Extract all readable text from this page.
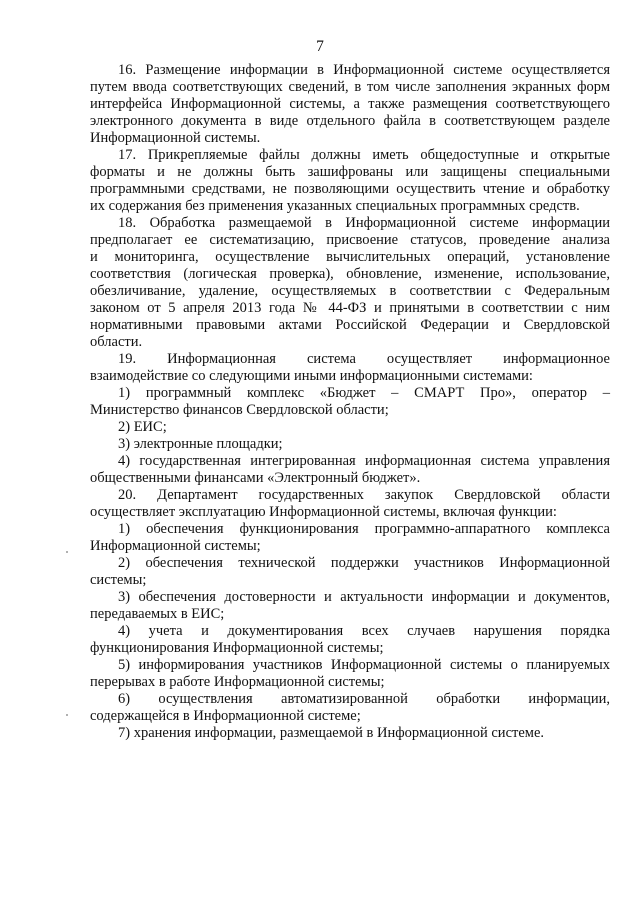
7
16. Размещение информации в Информационной системе осуществляется
путем ввода соответствующих сведений, в том числе заполнения экранных форм
интерфейса Информационной системы, а также размещения соответствующего
электронного документа в виде отдельного файла в соответствующем разделе
Информационной системы.
17. Прикрепляемые файлы должны иметь общедоступные и открытые
форматы и не должны быть зашифрованы или защищены специальными
программными средствами, не позволяющими осуществить чтение и обработку
их содержания без применения указанных специальных программных средств.
18. Обработка размещаемой в Информационной системе информации
предполагает ее систематизацию, присвоение статусов, проведение анализа
и мониторинга, осуществление вычислительных операций, установление
соответствия (логическая проверка), обновление, изменение, использование,
обезличивание, удаление, осуществляемых в соответствии с Федеральным
законом от 5 апреля 2013 года № 44-ФЗ и принятыми в соответствии с ним
нормативными правовыми актами Российской Федерации и Свердловской
области.
19. Информационная система осуществляет информационное
взаимодействие со следующими иными информационными системами:
1) программный комплекс «Бюджет – СМАРТ Про», оператор –
Министерство финансов Свердловской области;
2) ЕИС;
3) электронные площадки;
4) государственная интегрированная информационная система управления
общественными финансами «Электронный бюджет».
20. Департамент государственных закупок Свердловской области
осуществляет эксплуатацию Информационной системы, включая функции:
1) обеспечения функционирования программно-аппаратного комплекса
Информационной системы;
2) обеспечения технической поддержки участников Информационной
системы;
3) обеспечения достоверности и актуальности информации и документов,
передаваемых в ЕИС;
4) учета и документирования всех случаев нарушения порядка
функционирования Информационной системы;
5) информирования участников Информационной системы о планируемых
перерывах в работе Информационной системы;
6) осуществления автоматизированной обработки информации,
содержащейся в Информационной системе;
7) хранения информации, размещаемой в Информационной системе.
